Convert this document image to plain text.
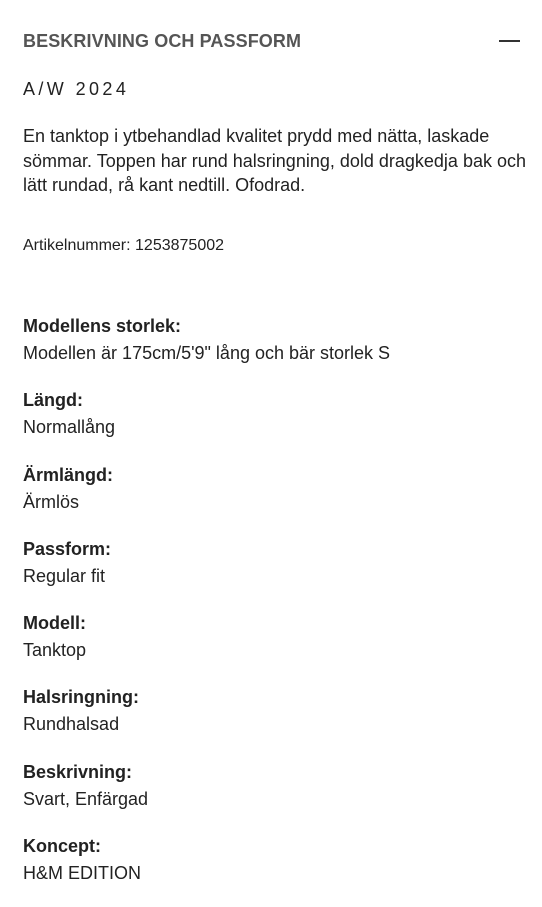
BESKRIVNING OCH PASSFORM
A/W 2024

En tanktop i ytbehandlad kvalitet prydd med nätta, laskade sömmar. Toppen har rund halsringning, dold dragkedja bak och lätt rundad, rå kant nedtill. Ofodrad.

Artikelnummer: 1253875002
Modellens storlek:
Modellen är 175cm/5'9" lång och bär storlek S
Längd:
Normallång
Ärmlängd:
Ärmlös
Passform:
Regular fit
Modell:
Tanktop
Halsringning:
Rundhalsad
Beskrivning:
Svart, Enfärgad
Koncept:
H&M EDITION
